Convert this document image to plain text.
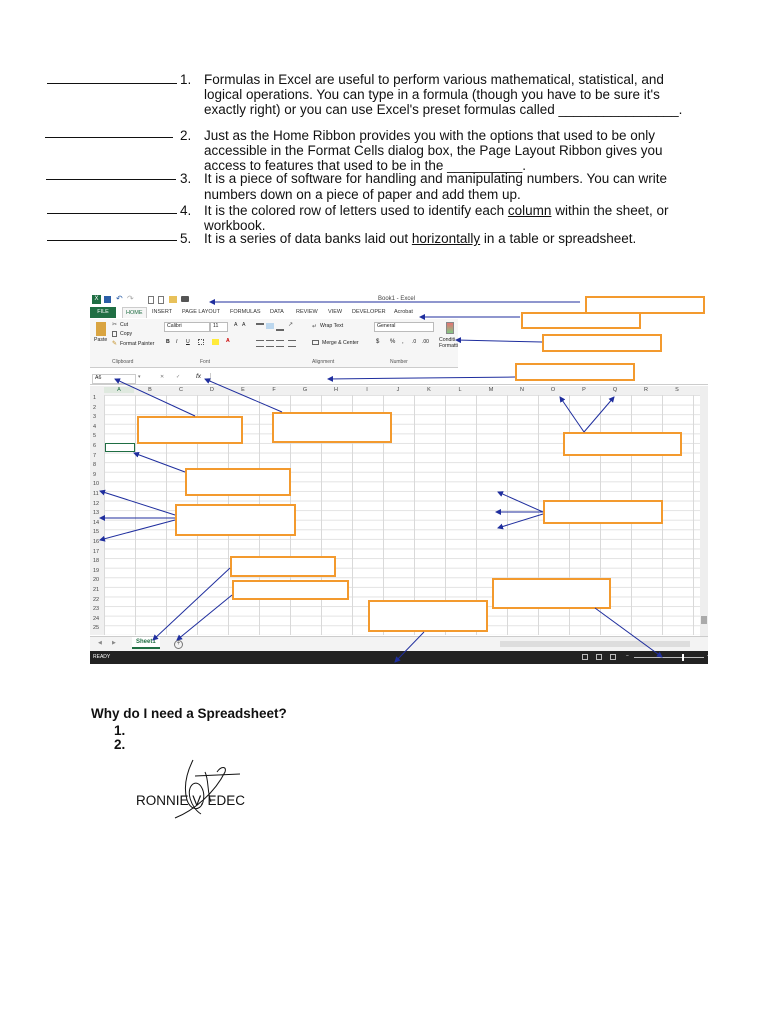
1. Formulas in Excel are useful to perform various mathematical, statistical, and logical operations. You can type in a formula (though you have to be sure it's exactly right) or you can use Excel's preset formulas called ________________.
2. Just as the Home Ribbon provides you with the options that used to be only accessible in the Format Cells dialog box, the Page Layout Ribbon gives you access to features that used to be in the __________.
3. It is a piece of software for handling and manipulating numbers. You can write numbers down on a piece of paper and add them up.
4. It is the colored row of letters used to identify each column within the sheet, or workbook.
5. It is a series of data banks laid out horizontally in a table or spreadsheet.
X	↶ ↷	Book1 - Excel
FILE	HOME	INSERT PAGE LAYOUT FORMULAS DATA REVIEW VIEW DEVELOPER Acrobat
Paste
✂ Cut
Copy
✎ Format Painter
Clipboard
Calibri	11	A A
B I U	A
Font
↗	↵ Wrap Text
Merge & Center
Alignment
General
$ % , .0 .00
Number
Conditi Formatti
A6	▾	✕ ✓ fx
A	B	C	D	E	F	G	H	I	J	K	L	M	N	O	P	Q	R	S
1
2
3
4
5
6
7
8
9
10
11
12
13
14
15
16
17
18
19
20
21
22
23
24
25
◀ ▶	Sheet1	+
READY	−	+ 100%
Why do I need a Spreadsheet?
1.
2.
RONNIE V. EDEC
